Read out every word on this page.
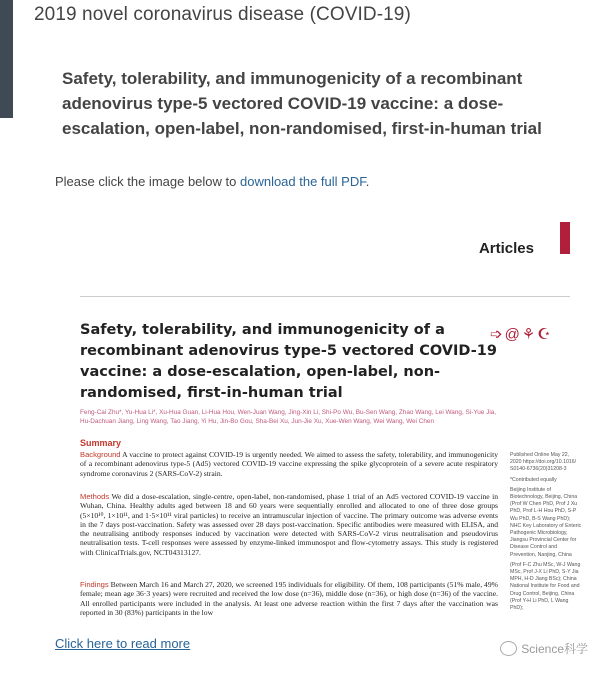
2019 novel coronavirus disease (COVID-19)
Safety, tolerability, and immunogenicity of a recombinant adenovirus type-5 vectored COVID-19 vaccine: a dose-escalation, open-label, non-randomised, first-in-human trial
Please click the image below to download the full PDF.
Articles
Safety, tolerability, and immunogenicity of a recombinant adenovirus type-5 vectored COVID-19 vaccine: a dose-escalation, open-label, non-randomised, first-in-human trial
➩@⚘☪
Feng-Cai Zhu*, Yu-Hua Li*, Xu-Hua Guan, Li-Hua Hou, Wen-Juan Wang, Jing-Xin Li, Shi-Po Wu, Bu-Sen Wang, Zhao Wang, Lei Wang, Si-Yue Jia, Hu-Dachuan Jiang, Ling Wang, Tao Jiang, Yi Hu, Jin-Bo Gou, Sha-Bei Xu, Jun-Jie Xu, Xue-Wen Wang, Wei Wang, Wei Chen
Summary
Background A vaccine to protect against COVID-19 is urgently needed. We aimed to assess the safety, tolerability, and immunogenicity of a recombinant adenovirus type-5 (Ad5) vectored COVID-19 vaccine expressing the spike glycoprotein of a severe acute respiratory syndrome coronavirus 2 (SARS-CoV-2) strain.
Methods We did a dose-escalation, single-centre, open-label, non-randomised, phase 1 trial of an Ad5 vectored COVID-19 vaccine in Wuhan, China. Healthy adults aged between 18 and 60 years were sequentially enrolled and allocated to one of three dose groups (5×10¹⁰, 1×10¹¹, and 1·5×10¹¹ viral particles) to receive an intramuscular injection of vaccine. The primary outcome was adverse events in the 7 days post-vaccination. Safety was assessed over 28 days post-vaccination. Specific antibodies were measured with ELISA, and the neutralising antibody responses induced by vaccination were detected with SARS-CoV-2 virus neutralisation and pseudovirus neutralisation tests. T-cell responses were assessed by enzyme-linked immunospot and flow-cytometry assays. This study is registered with ClinicalTrials.gov, NCT04313127.
Findings Between March 16 and March 27, 2020, we screened 195 individuals for eligibility. Of them, 108 participants (51% male, 49% female; mean age 36·3 years) were recruited and received the low dose (n=36), middle dose (n=36), or high dose (n=36) of the vaccine. All enrolled participants were included in the analysis. At least one adverse reaction within the first 7 days after the vaccination was reported in 30 (83%) participants in the low
Published Online May 22, 2020 https://doi.org/10.1016/ S0140-6736(20)31208-3
*Contributed equally
Beijing Institute of Biotechnology, Beijing, China (Prof W Chen PhD, Prof J Xu PhD, Prof L-H Hou PhD, S-P Wu PhD, B-S Wang PhD); NHC Key Laboratory of Enteric Pathogenic Microbiology, Jiangsu Provincial Center for Disease Control and Prevention, Nanjing, China
(Prof F-C Zhu MSc, W-J Wang MSc, Prof J-X Li PhD, S-Y Jia MPH, H-D Jiang BSc); China National Institute for Food and Drug Control, Beijing, China (Prof Y-H Li PhD, L Wang PhD);
Click here to read more	Science科学
